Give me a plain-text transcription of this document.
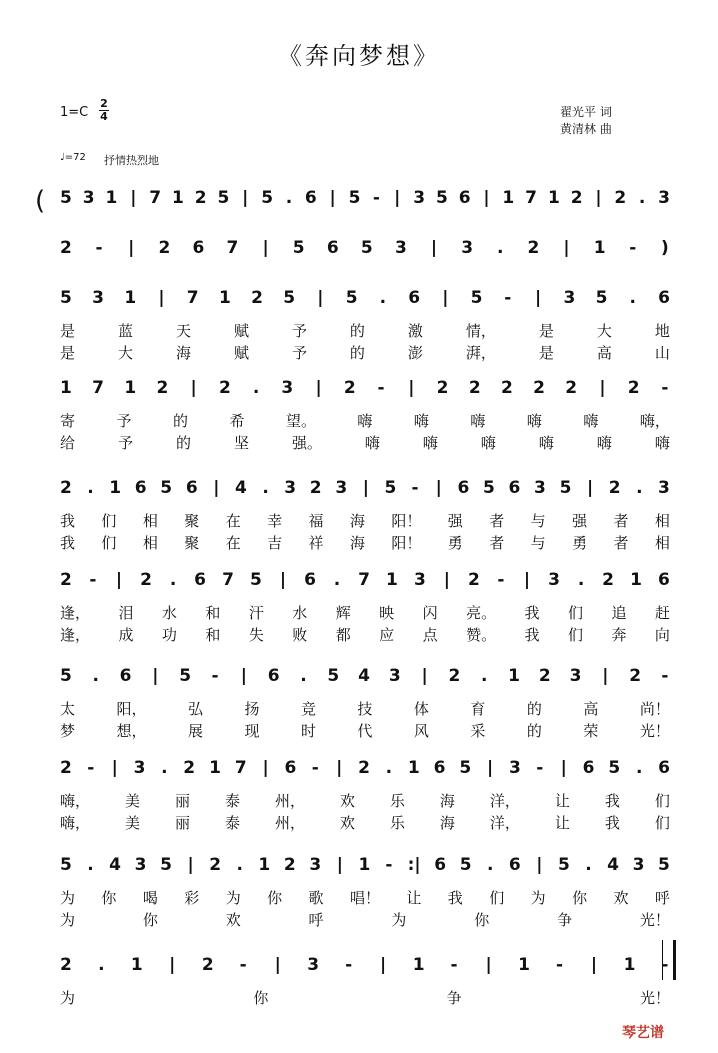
《奔向梦想》
1=C
2
4	翟光平 词
黄清林 曲
♩=72 抒情热烈地
( 5 3 1 | 7 1 2 5 | 5 . 6 | 5 - | 3 5 6 | 1 7 1 2 | 2 . 3
2 - | 2 6 7 | 5 6 5 3 | 3 . 2 | 1 - )
5 3 1 | 7 1 2 5 | 5 . 6 | 5 - | 3 5 . 6
是	蓝	天	赋	予	的	激	情，	是	大	地
是	大	海	赋	予	的	澎	湃，	是	高	山
1 7 1 2 | 2 . 3 | 2 - | 2 2 2 2 2 | 2 -
寄	予	的	希	望。	嗨	嗨	嗨	嗨	嗨	嗨，
给	予	的	坚	强。	嗨	嗨	嗨	嗨	嗨	嗨
2 . 1 6 5 6 | 4 . 3 2 3 | 5 - | 6 5 6 3 5 | 2 . 3
我 们 相 聚 在 幸 福 海 阳！ 强 者 与 强 者 相
我 们 相 聚 在 吉 祥 海 阳！ 勇 者 与 勇 者 相
2 - | 2 . 6 7 5 | 6 . 7 1 3 | 2 - | 3 . 2 1 6
逢， 泪 水 和 汗 水 辉 映 闪 亮。 我 们 追 赶
逢， 成 功 和 失 败 都 应 点 赞。 我 们 奔 向
5 . 6 | 5 - | 6 . 5 4 3 | 2 . 1 2 3 | 2 -
太	阳，	弘	扬	竞	技	体	育	的	高	尚！
梦	想，	展	现	时	代	风	采	的	荣	光！
2 - | 3 . 2 1 7 | 6 - | 2 . 1 6 5 | 3 - | 6 5 . 6
嗨， 美 丽 泰 州， 欢 乐 海 洋， 让 我 们
嗨， 美 丽 泰 州， 欢 乐 海 洋， 让 我 们
5 . 4 3 5 | 2 . 1 2 3 | 1 - :| 6 5 . 6 | 5 . 4 3 5
为 你 喝 彩 为 你 歌 唱！ 让 我 们 为 你 欢 呼
为	你	欢	呼	为	你	争	光！
2 . 1 | 2 - | 3 - | 1 - | 1 - | 1 -
为	你	争	光！
琴艺谱
